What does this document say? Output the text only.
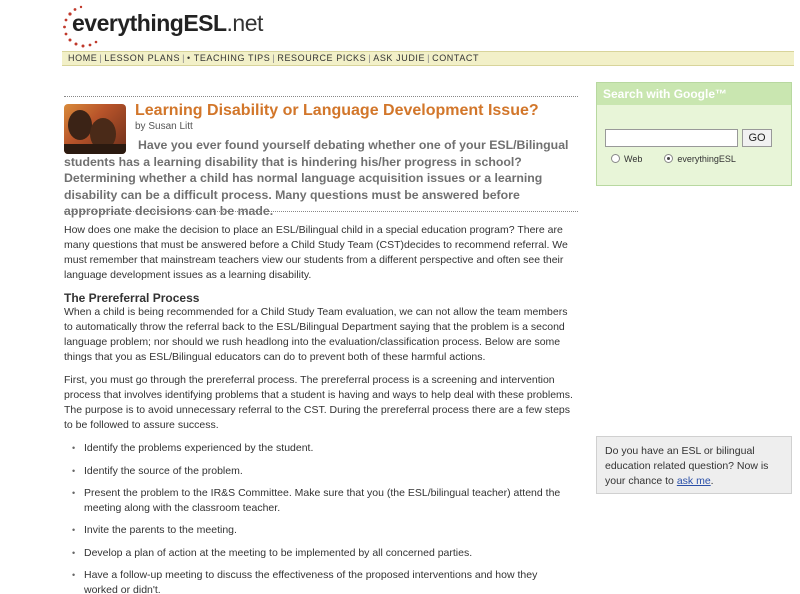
everythingESL.net
HOME | LESSON PLANS | • TEACHING TIPS | RESOURCE PICKS | ASK JUDIE | CONTACT
Learning Disability or Language Development Issue?
by Susan Litt
Have you ever found yourself debating whether one of your ESL/Bilingual students has a learning disability that is hindering his/her progress in school? Determining whether a child has normal language acquisition issues or a learning disability can be a difficult process. Many questions must be answered before appropriate decisions can be made.
How does one make the decision to place an ESL/Bilingual child in a special education program? There are many questions that must be answered before a Child Study Team (CST)decides to recommend referral. We must remember that mainstream teachers view our students from a different perspective and often see their language development issues as a learning disability.
The Prereferral Process
When a child is being recommended for a Child Study Team evaluation, we can not allow the team members to automatically throw the referral back to the ESL/Bilingual Department saying that the problem is a second language problem; nor should we rush headlong into the evaluation/classification process. Below are some things that you as ESL/Bilingual educators can do to prevent both of these harmful actions.
First, you must go through the prereferral process. The prereferral process is a screening and intervention process that involves identifying problems that a student is having and ways to help deal with these problems. The purpose is to avoid unnecessary referral to the CST. During the prereferral process there are a few steps to be followed to assure success.
• Identify the problems experienced by the student.
• Identify the source of the problem.
• Present the problem to the IR&S Committee. Make sure that you (the ESL/bilingual teacher) attend the meeting along with the classroom teacher.
• Invite the parents to the meeting.
• Develop a plan of action at the meeting to be implemented by all concerned parties.
• Have a follow-up meeting to discuss the effectiveness of the proposed interventions and how they worked or didn't.
Search with Google™
GO
Web	everythingESL
Do you have an ESL or bilingual education related question? Now is your chance to ask me.
